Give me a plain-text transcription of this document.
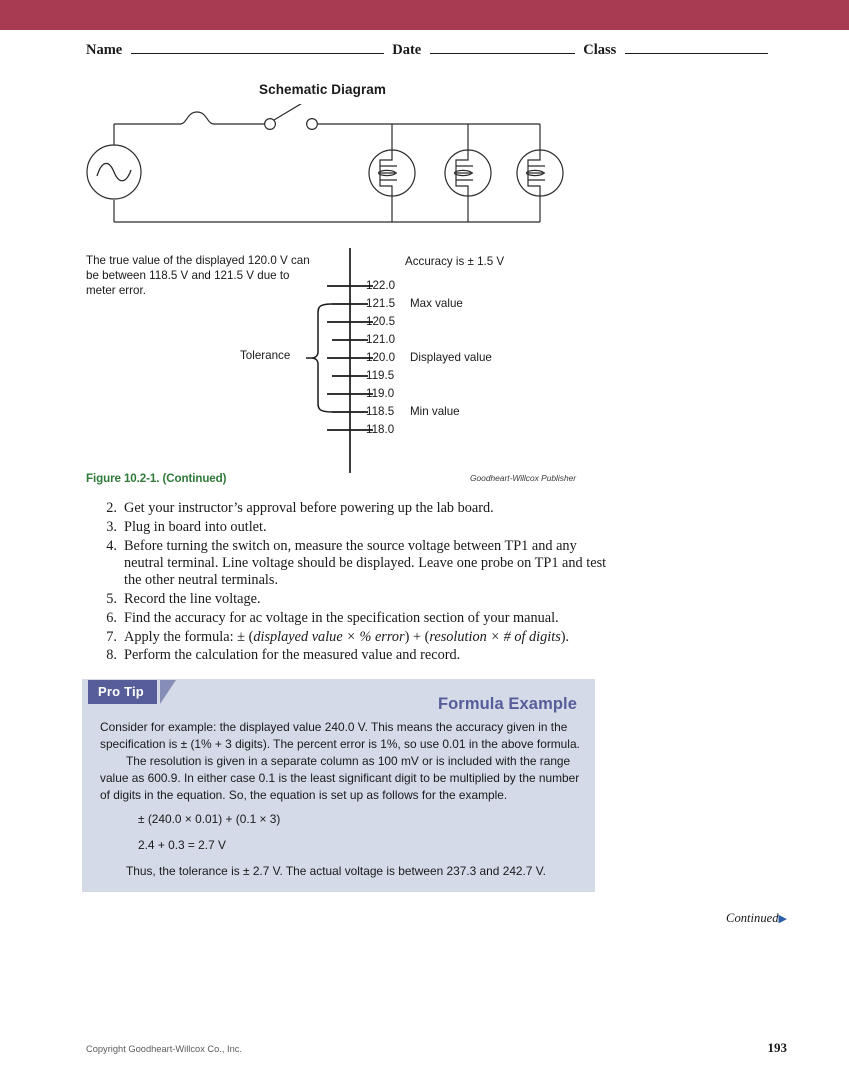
Name	Date	Class
Schematic Diagram
The true value of the displayed 120.0 V can be between 118.5 V and 121.5 V due to meter error.
Accuracy is ± 1.5 V
Tolerance
122.0
121.5 Max value
121.0
120.5
120.0 Displayed value
119.5
119.0
118.5 Min value
118.0
Figure 10.2-1. (Continued)	Goodheart-Willcox Publisher
2. Get your instructor’s approval before powering up the lab board.
3. Plug in board into outlet.
4. Before turning the switch on, measure the source voltage between TP1 and any neutral terminal. Line voltage should be displayed. Leave one probe on TP1 and test the other neutral terminals.
5. Record the line voltage.
6. Find the accuracy for ac voltage in the specification section of your manual.
7. Apply the formula: ± (displayed value × % error) + (resolution × # of digits).
8. Perform the calculation for the measured value and record.
Pro Tip
Formula Example

Consider for example: the displayed value 240.0 V. This means the accuracy given in the specification is ± (1% + 3 digits). The percent error is 1%, so use 0.01 in the above formula.

The resolution is given in a separate column as 100 mV or is included with the range value as 600.9. In either case 0.1 is the least significant digit to be multiplied by the number of digits in the equation. So, the equation is set up as follows for the example.

± (240.0 × 0.01) + (0.1 × 3)

2.4 + 0.3 = 2.7 V

Thus, the tolerance is ± 2.7 V. The actual voltage is between 237.3 and 242.7 V.

Continued▶
Copyright Goodheart-Willcox Co., Inc.	193
